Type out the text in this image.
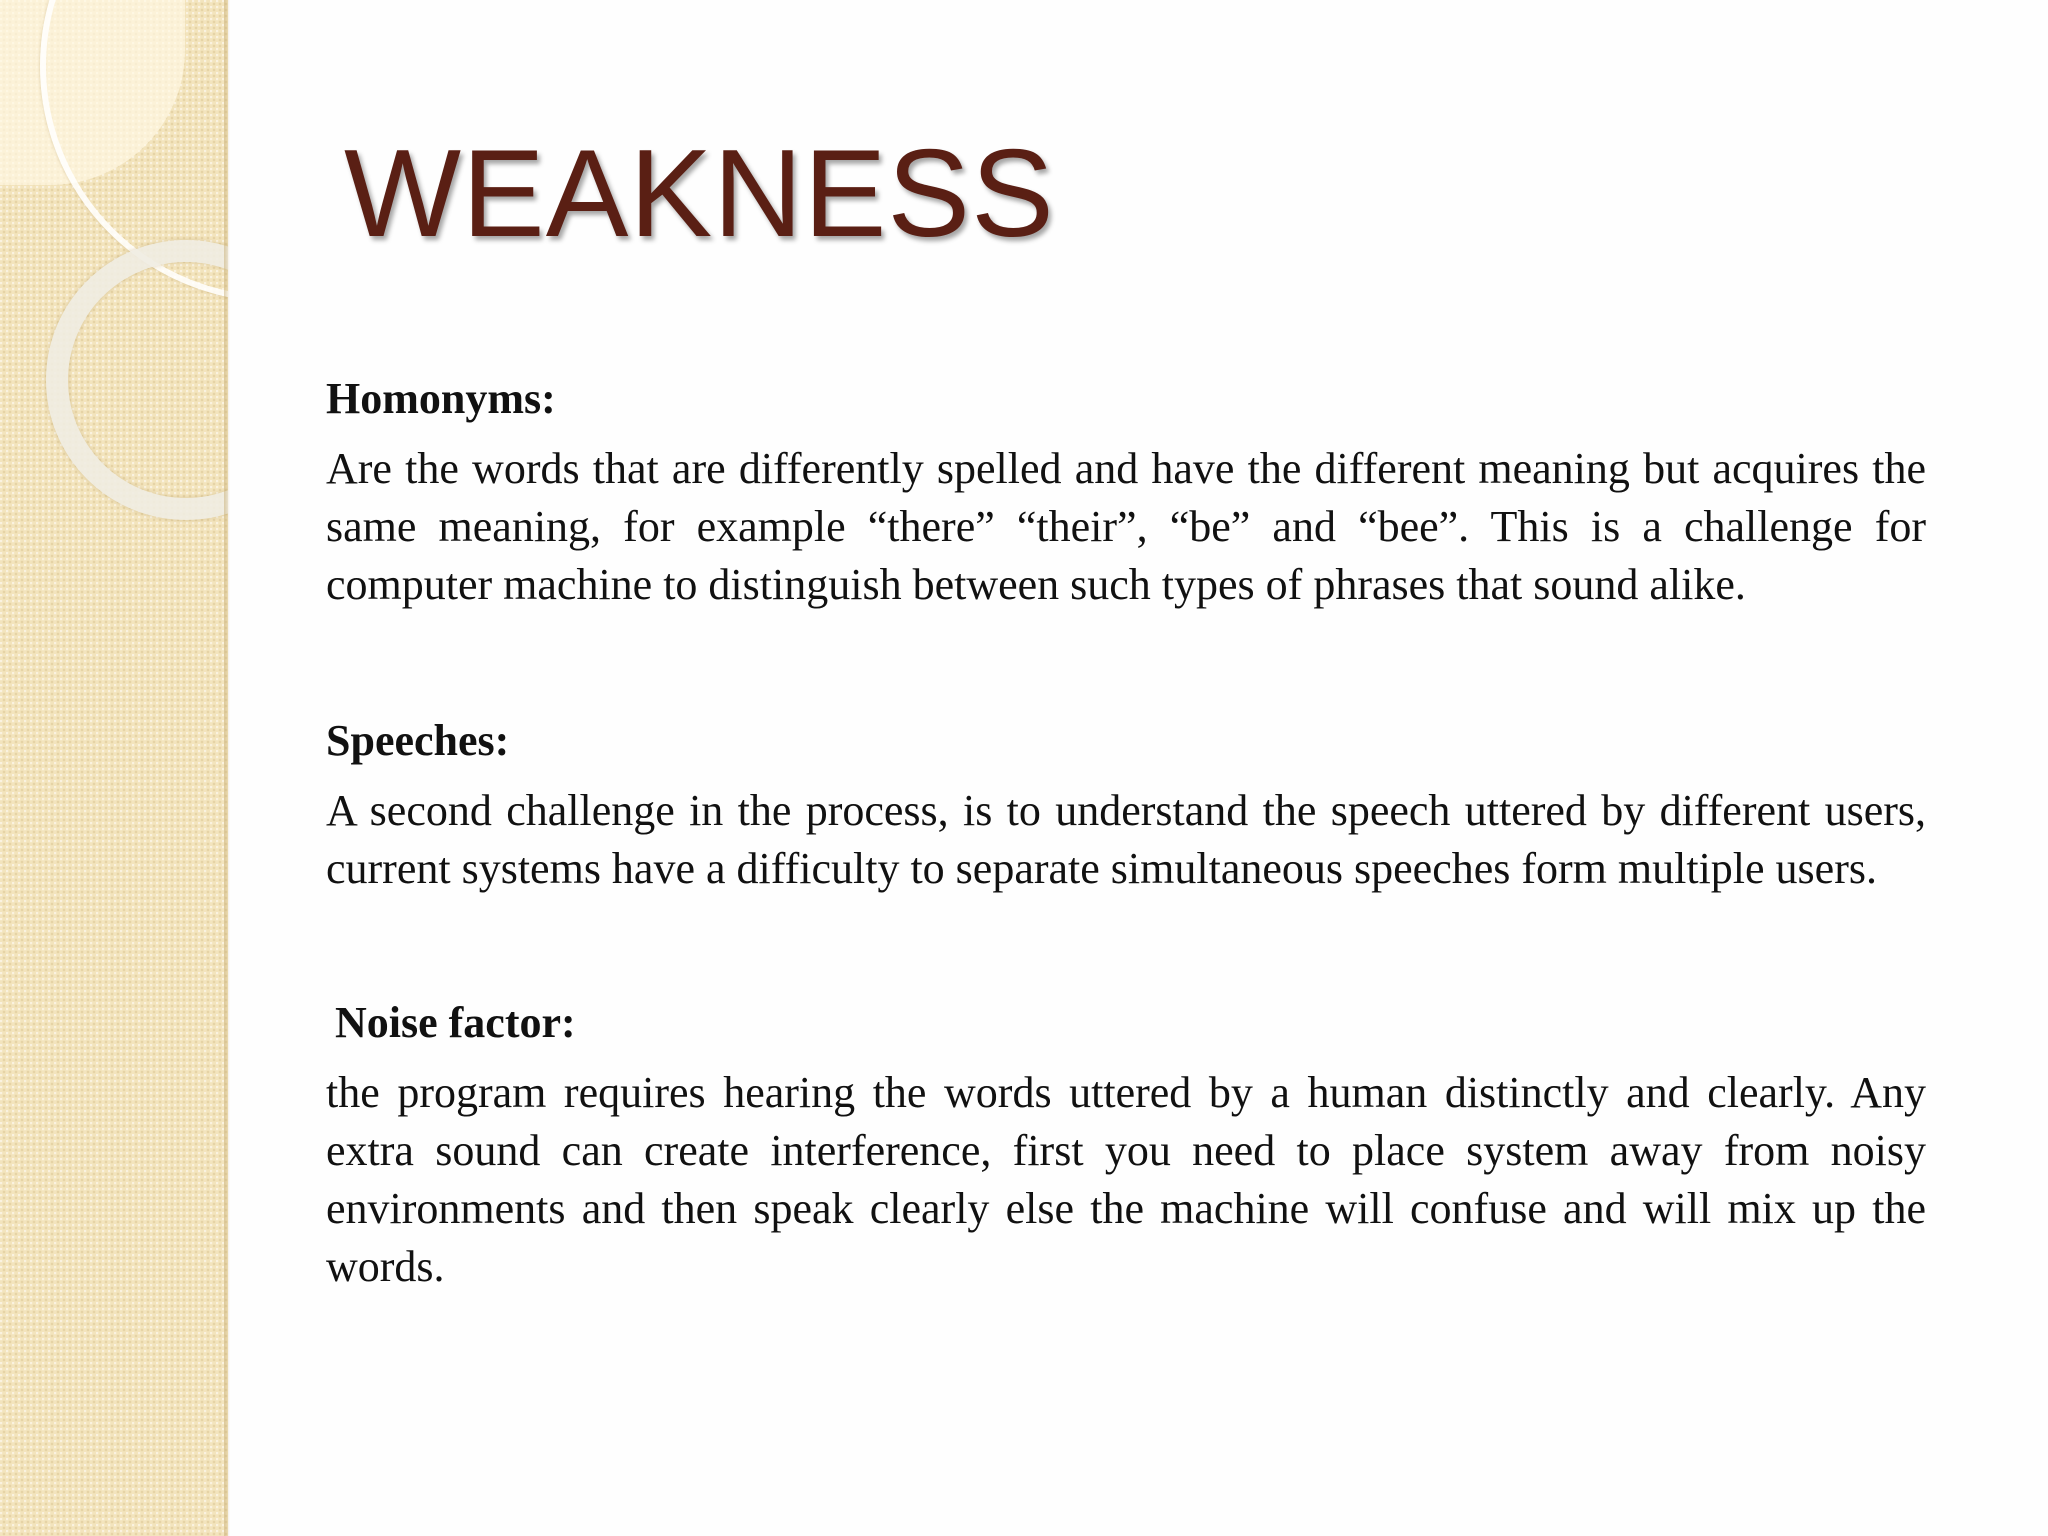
WEAKNESS

Homonyms:

Are the words that are differently spelled and have the different meaning but acquires the same meaning, for example “there” “their”, “be” and “bee”. This is a challenge for computer machine to distinguish between such types of phrases that sound alike.

Speeches:

A second challenge in the process, is to understand the speech uttered by different users, current systems have a difficulty to separate simultaneous speeches form multiple users.

Noise factor:

the program requires hearing the words uttered by a human distinctly and clearly. Any extra sound can create interference, first you need to place system away from noisy environments and then speak clearly else the machine will confuse and will mix up the words.
